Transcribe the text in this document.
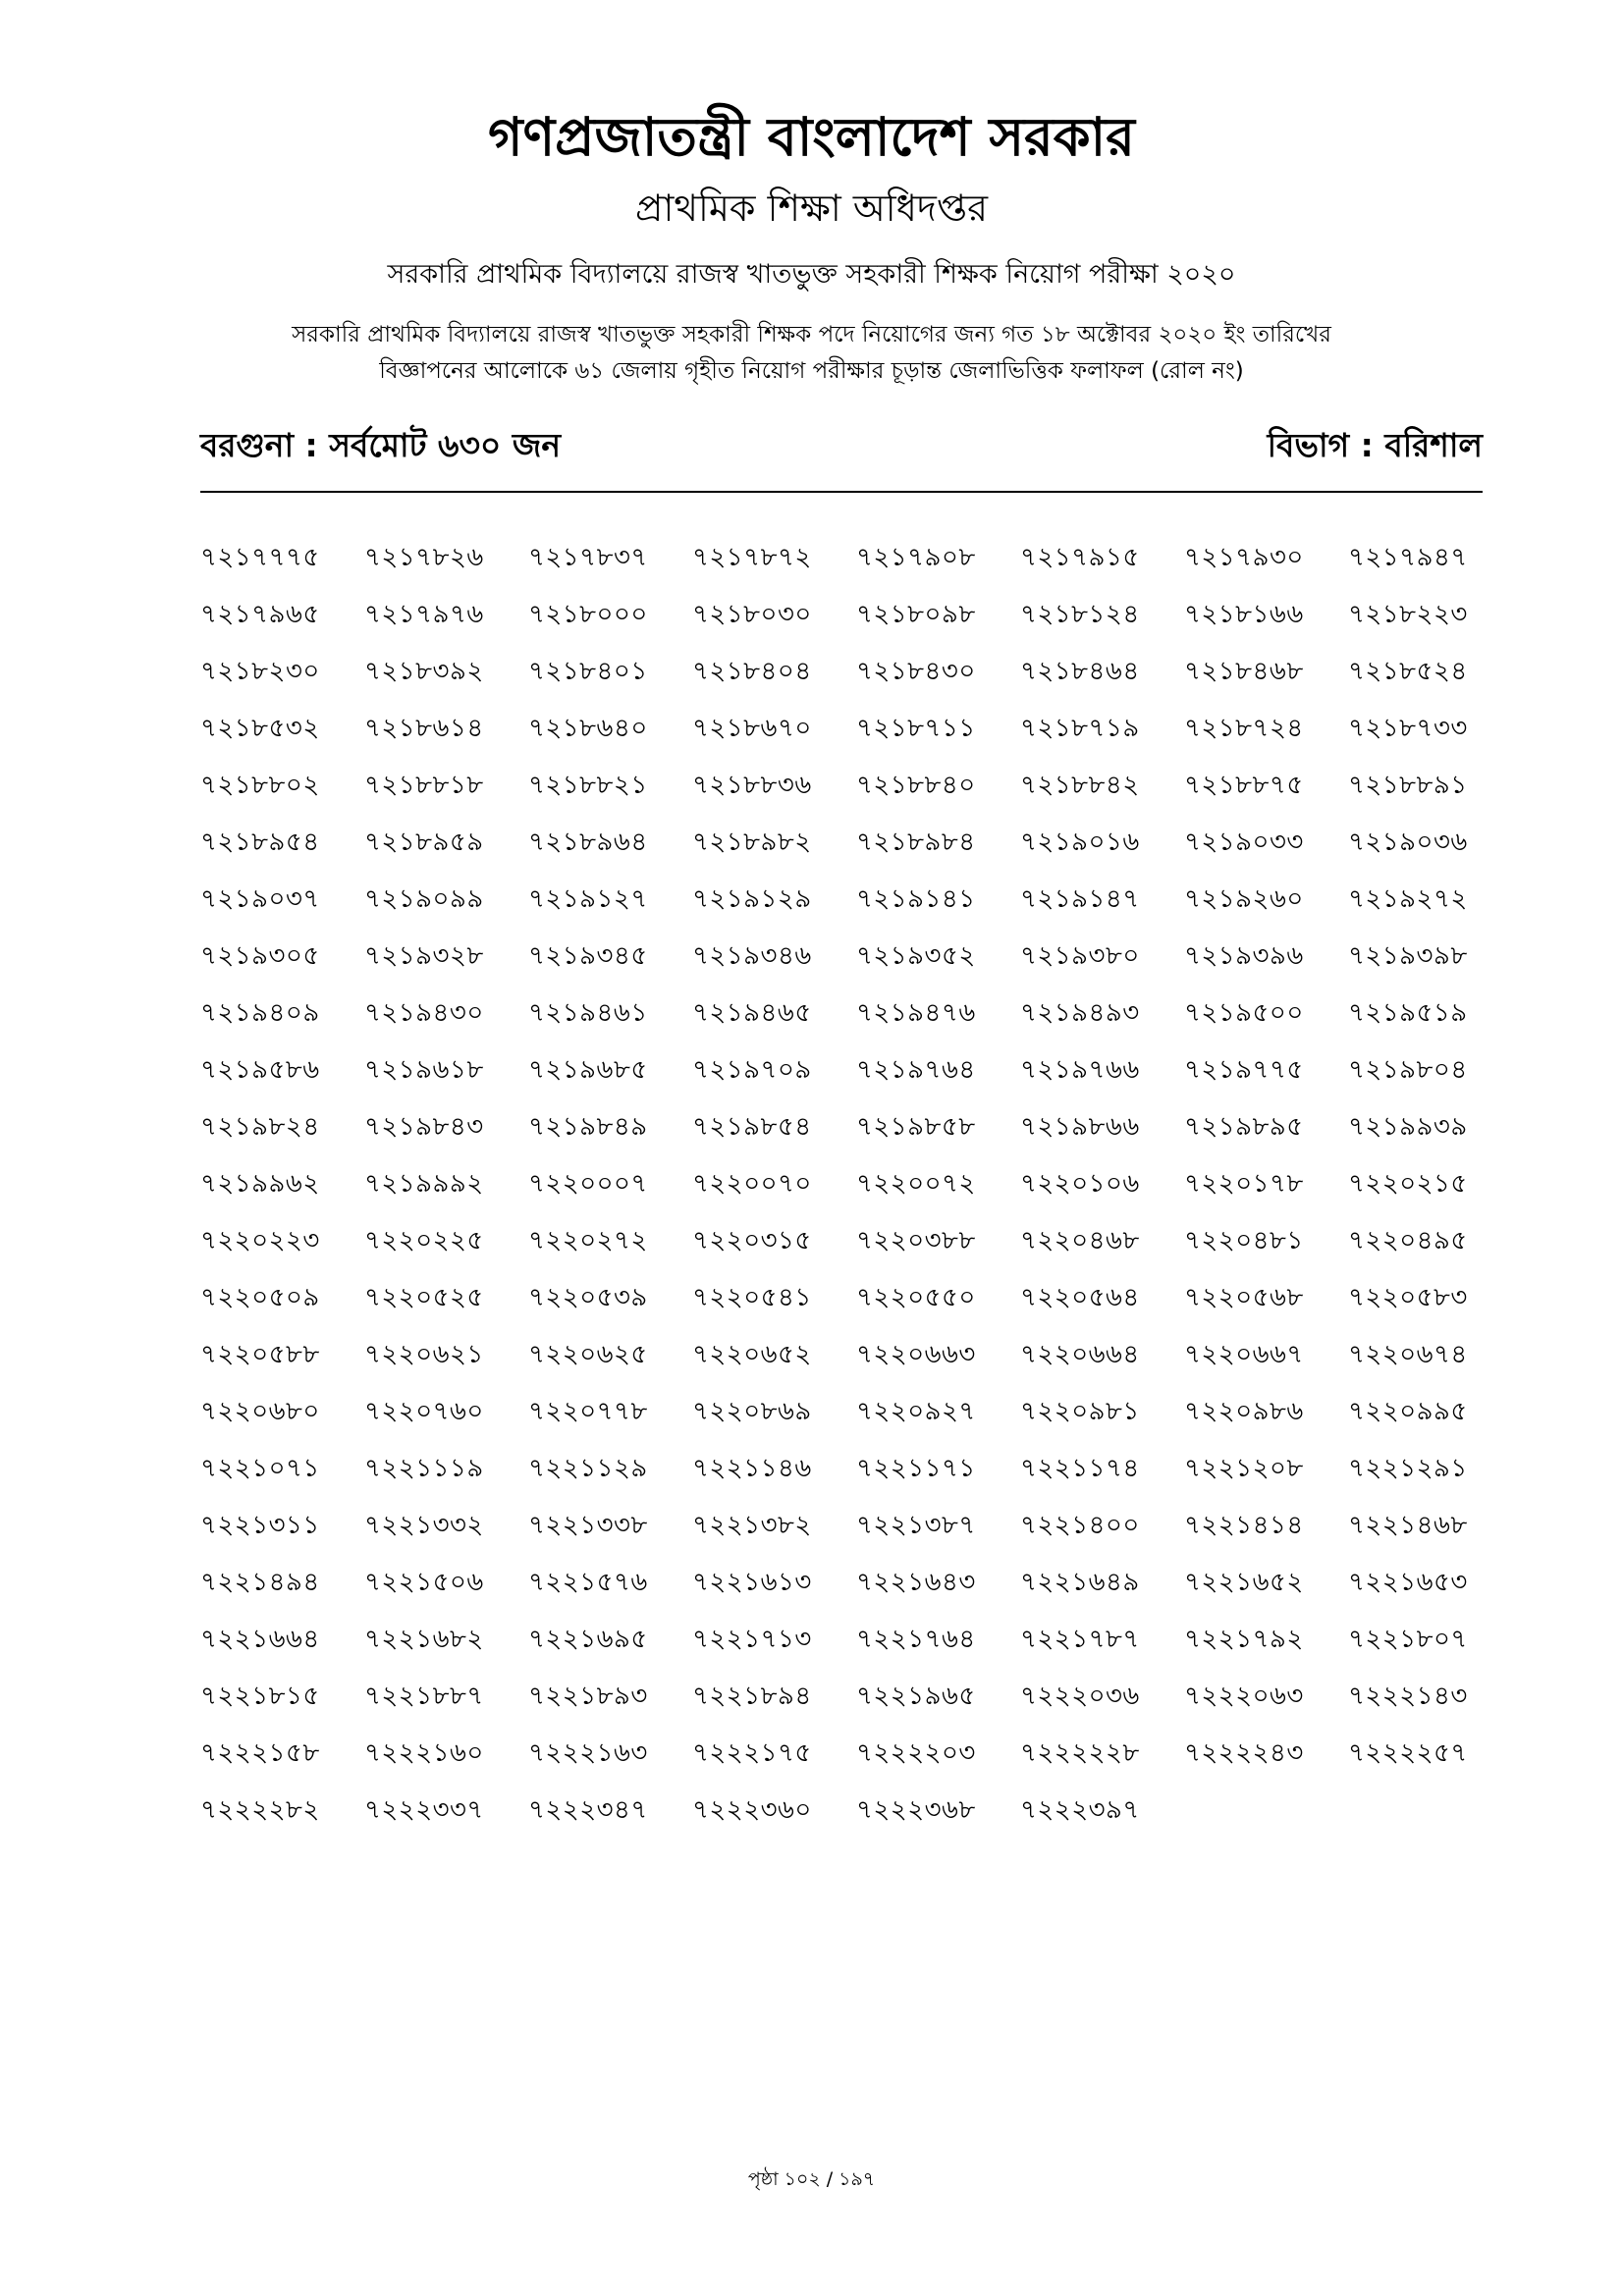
গণপ্রজাতন্ত্রী বাংলাদেশ সরকার
প্রাথমিক শিক্ষা অধিদপ্তর
সরকারি প্রাথমিক বিদ্যালয়ে রাজস্ব খাতভুক্ত সহকারী শিক্ষক নিয়োগ পরীক্ষা ২০২০
সরকারি প্রাথমিক বিদ্যালয়ে রাজস্ব খাতভুক্ত সহকারী শিক্ষক পদে নিয়োগের জন্য গত ১৮ অক্টোবর ২০২০ ইং তারিখের
বিজ্ঞাপনের আলোকে ৬১ জেলায় গৃহীত নিয়োগ পরীক্ষার চূড়ান্ত জেলাভিত্তিক ফলাফল (রোল নং)
বরগুনা : সর্বমোট ৬৩০ জন	বিভাগ : বরিশাল
৭২১৭৭৭৫	৭২১৭৮২৬	৭২১৭৮৩৭	৭২১৭৮৭২	৭২১৭৯০৮	৭২১৭৯১৫	৭২১৭৯৩০	৭২১৭৯৪৭
৭২১৭৯৬৫	৭২১৭৯৭৬	৭২১৮০০০	৭২১৮০৩০	৭২১৮০৯৮	৭২১৮১২৪	৭২১৮১৬৬	৭২১৮২২৩
৭২১৮২৩০	৭২১৮৩৯২	৭২১৮৪০১	৭২১৮৪০৪	৭২১৮৪৩০	৭২১৮৪৬৪	৭২১৮৪৬৮	৭২১৮৫২৪
৭২১৮৫৩২	৭২১৮৬১৪	৭২১৮৬৪০	৭২১৮৬৭০	৭২১৮৭১১	৭২১৮৭১৯	৭২১৮৭২৪	৭২১৮৭৩৩
৭২১৮৮০২	৭২১৮৮১৮	৭২১৮৮২১	৭২১৮৮৩৬	৭২১৮৮৪০	৭২১৮৮৪২	৭২১৮৮৭৫	৭২১৮৮৯১
৭২১৮৯৫৪	৭২১৮৯৫৯	৭২১৮৯৬৪	৭২১৮৯৮২	৭২১৮৯৮৪	৭২১৯০১৬	৭২১৯০৩৩	৭২১৯০৩৬
৭২১৯০৩৭	৭২১৯০৯৯	৭২১৯১২৭	৭২১৯১২৯	৭২১৯১৪১	৭২১৯১৪৭	৭২১৯২৬০	৭২১৯২৭২
৭২১৯৩০৫	৭২১৯৩২৮	৭২১৯৩৪৫	৭২১৯৩৪৬	৭২১৯৩৫২	৭২১৯৩৮০	৭২১৯৩৯৬	৭২১৯৩৯৮
৭২১৯৪০৯	৭২১৯৪৩০	৭২১৯৪৬১	৭২১৯৪৬৫	৭২১৯৪৭৬	৭২১৯৪৯৩	৭২১৯৫০০	৭২১৯৫১৯
৭২১৯৫৮৬	৭২১৯৬১৮	৭২১৯৬৮৫	৭২১৯৭০৯	৭২১৯৭৬৪	৭২১৯৭৬৬	৭২১৯৭৭৫	৭২১৯৮০৪
৭২১৯৮২৪	৭২১৯৮৪৩	৭২১৯৮৪৯	৭২১৯৮৫৪	৭২১৯৮৫৮	৭২১৯৮৬৬	৭২১৯৮৯৫	৭২১৯৯৩৯
৭২১৯৯৬২	৭২১৯৯৯২	৭২২০০০৭	৭২২০০৭০	৭২২০০৭২	৭২২০১০৬	৭২২০১৭৮	৭২২০২১৫
৭২২০২২৩	৭২২০২২৫	৭২২০২৭২	৭২২০৩১৫	৭২২০৩৮৮	৭২২০৪৬৮	৭২২০৪৮১	৭২২০৪৯৫
৭২২০৫০৯	৭২২০৫২৫	৭২২০৫৩৯	৭২২০৫৪১	৭২২০৫৫০	৭২২০৫৬৪	৭২২০৫৬৮	৭২২০৫৮৩
৭২২০৫৮৮	৭২২০৬২১	৭২২০৬২৫	৭২২০৬৫২	৭২২০৬৬৩	৭২২০৬৬৪	৭২২০৬৬৭	৭২২০৬৭৪
৭২২০৬৮০	৭২২০৭৬০	৭২২০৭৭৮	৭২২০৮৬৯	৭২২০৯২৭	৭২২০৯৮১	৭২২০৯৮৬	৭২২০৯৯৫
৭২২১০৭১	৭২২১১১৯	৭২২১১২৯	৭২২১১৪৬	৭২২১১৭১	৭২২১১৭৪	৭২২১২০৮	৭২২১২৯১
৭২২১৩১১	৭২২১৩৩২	৭২২১৩৩৮	৭২২১৩৮২	৭২২১৩৮৭	৭২২১৪০০	৭২২১৪১৪	৭২২১৪৬৮
৭২২১৪৯৪	৭২২১৫০৬	৭২২১৫৭৬	৭২২১৬১৩	৭২২১৬৪৩	৭২২১৬৪৯	৭২২১৬৫২	৭২২১৬৫৩
৭২২১৬৬৪	৭২২১৬৮২	৭২২১৬৯৫	৭২২১৭১৩	৭২২১৭৬৪	৭২২১৭৮৭	৭২২১৭৯২	৭২২১৮০৭
৭২২১৮১৫	৭২২১৮৮৭	৭২২১৮৯৩	৭২২১৮৯৪	৭২২১৯৬৫	৭২২২০৩৬	৭২২২০৬৩	৭২২২১৪৩
৭২২২১৫৮	৭২২২১৬০	৭২২২১৬৩	৭২২২১৭৫	৭২২২২০৩	৭২২২২২৮	৭২২২২৪৩	৭২২২২৫৭
৭২২২২৮২	৭২২২৩৩৭	৭২২২৩৪৭	৭২২২৩৬০	৭২২২৩৬৮	৭২২২৩৯৭
পৃষ্ঠা ১০২ / ১৯৭
